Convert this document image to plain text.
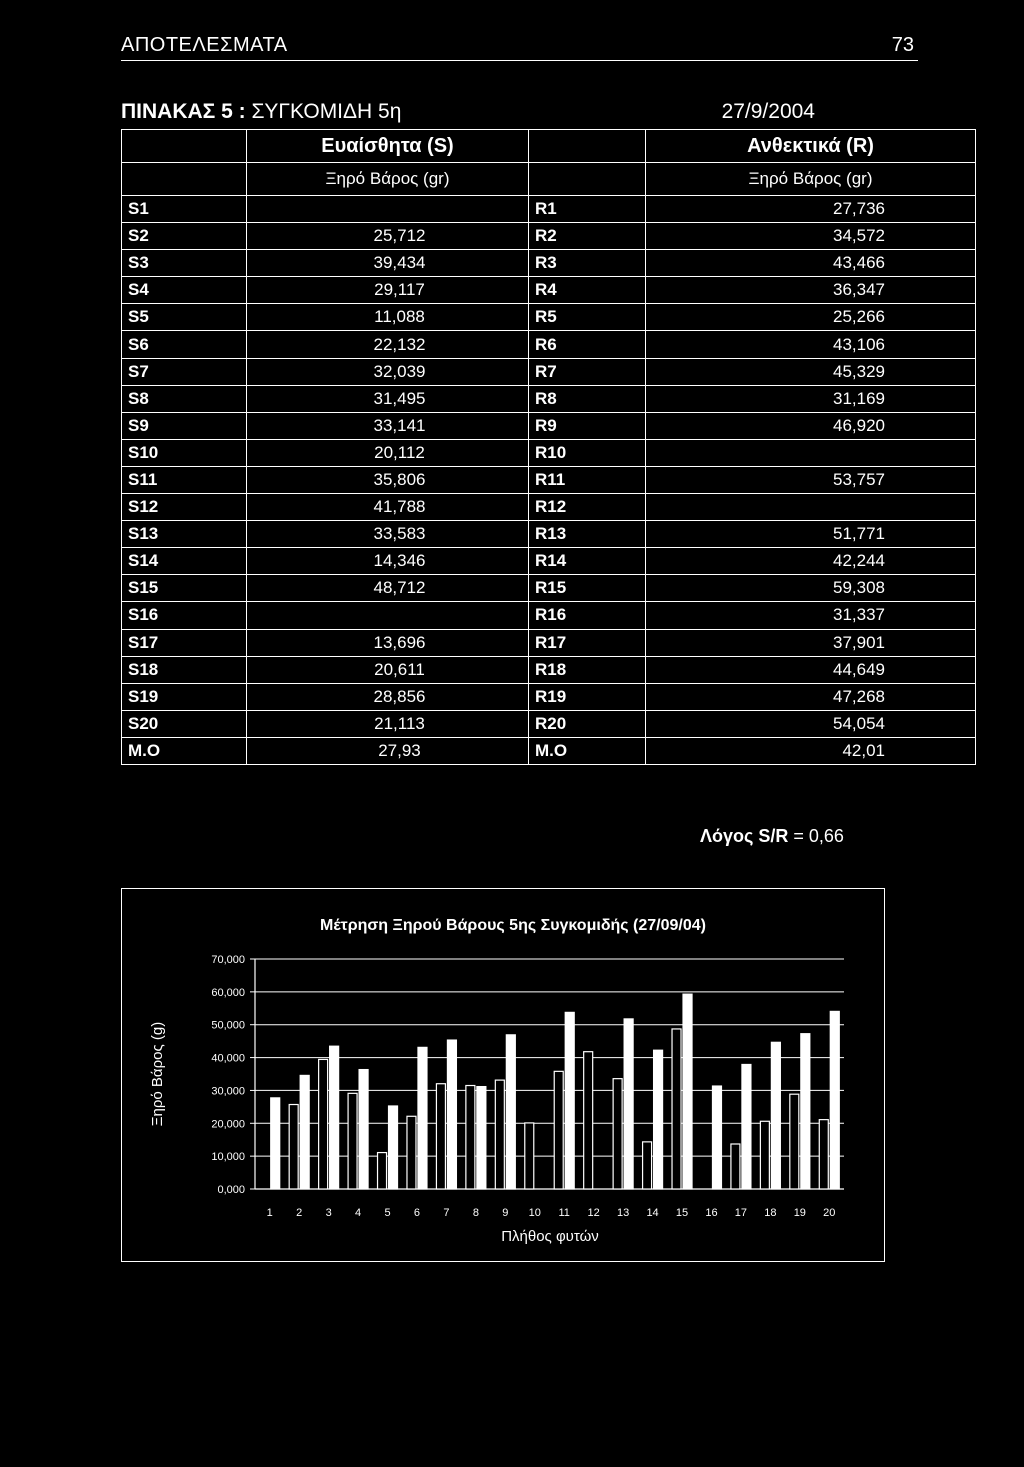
ΑΠΟΤΕΛΕΣΜΑΤΑ	73
ΠΙΝΑΚΑΣ 5 : ΣΥΓΚΟΜΙΔΗ 5η	27/9/2004
	Ευαίσθητα (S)		Ανθεκτικά (R)
	Ξηρό Βάρος (gr)		Ξηρό Βάρος (gr)
S1		R1	27,736
S2	25,712	R2	34,572
S3	39,434	R3	43,466
S4	29,117	R4	36,347
S5	11,088	R5	25,266
S6	22,132	R6	43,106
S7	32,039	R7	45,329
S8	31,495	R8	31,169
S9	33,141	R9	46,920
S10	20,112	R10	
S11	35,806	R11	53,757
S12	41,788	R12	
S13	33,583	R13	51,771
S14	14,346	R14	42,244
S15	48,712	R15	59,308
S16		R16	31,337
S17	13,696	R17	37,901
S18	20,611	R18	44,649
S19	28,856	R19	47,268
S20	21,113	R20	54,054
M.O	27,93	M.O	42,01
Λόγος S/R = 0,66
Μέτρηση Ξηρού Βάρους 5ης Συγκομιδής (27/09/04)
Ξηρό Βάρος (g)
0,000
10,000
20,000
30,000
40,000
50,000
60,000
70,000
1 2 3 4 5 6 7 8 9 10 11 12 13 14 15 16 17 18 19 20
Πλήθος φυτών
